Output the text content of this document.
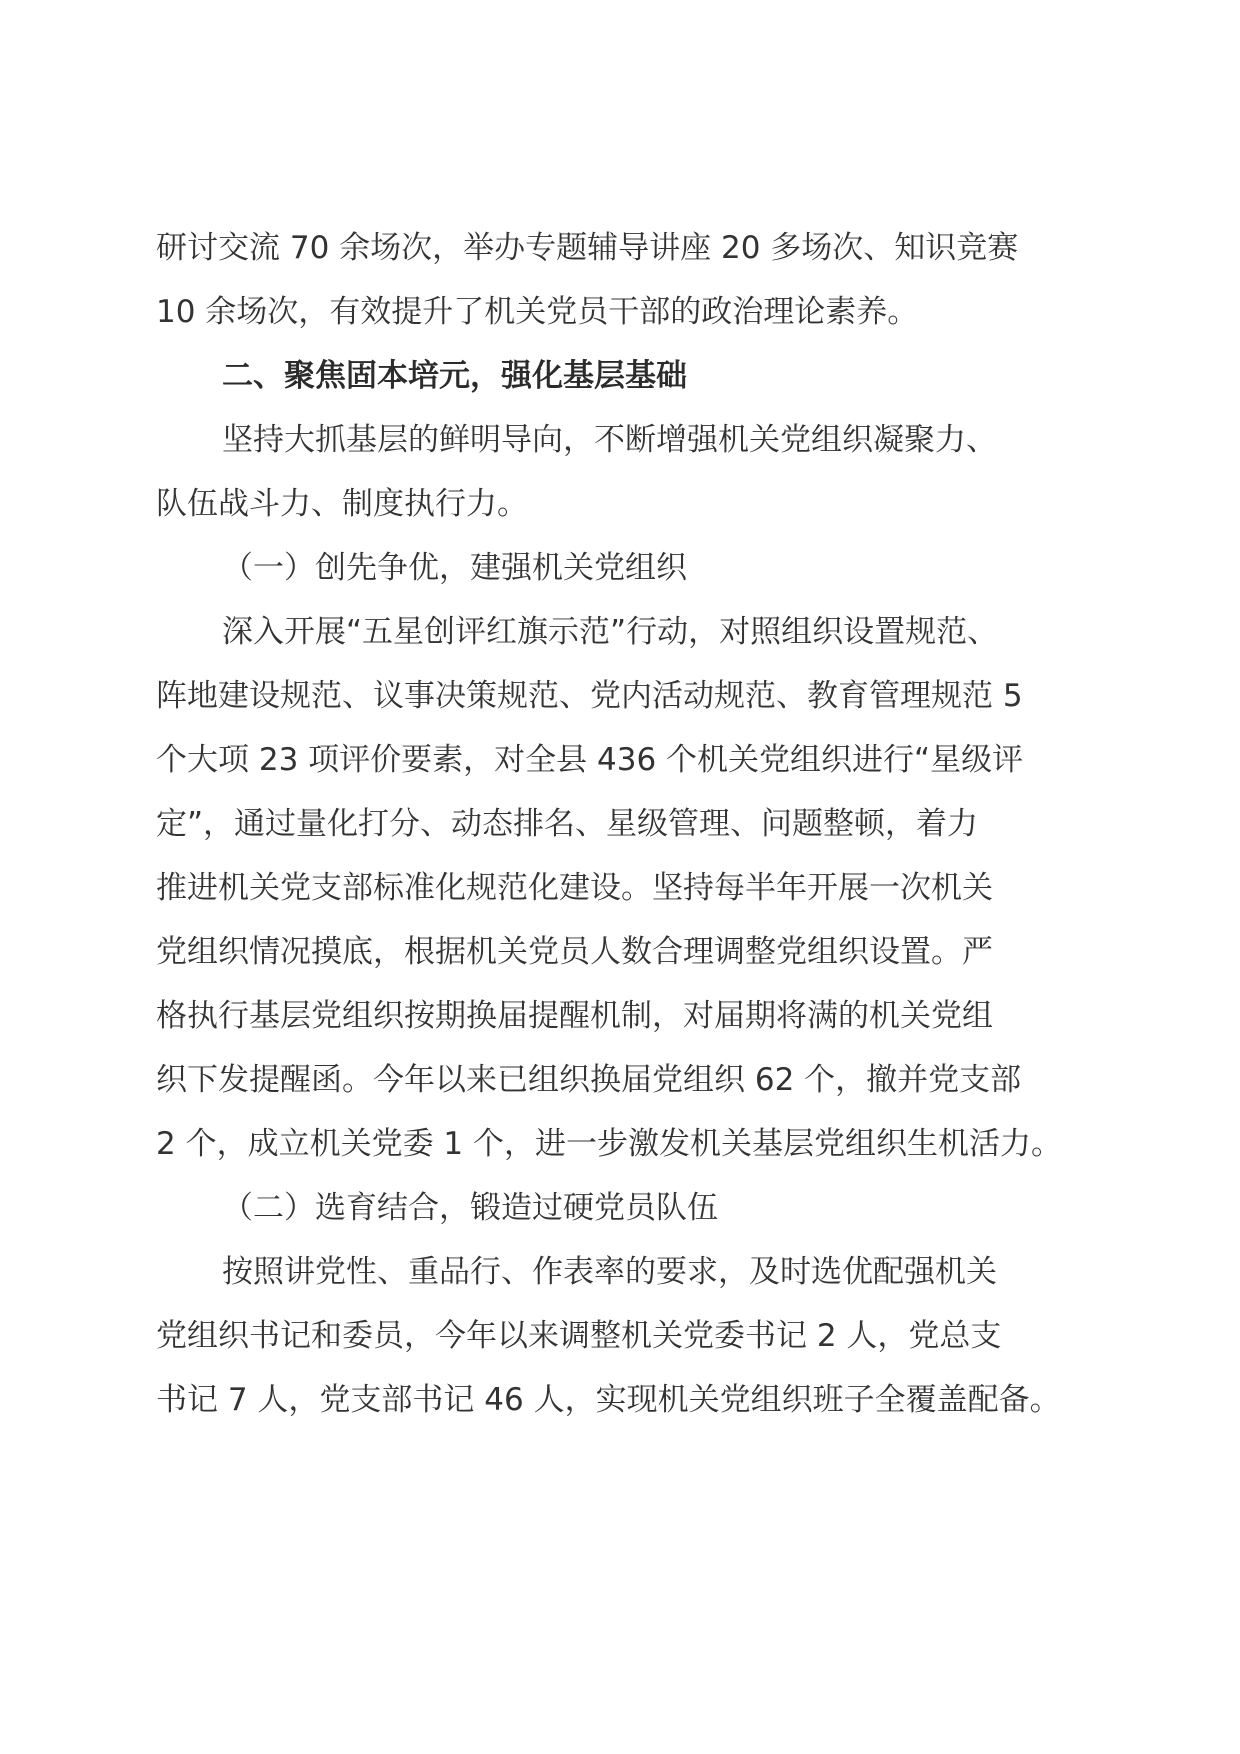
研讨交流 70 余场次，举办专题辅导讲座 20 多场次、知识竞赛
10 余场次，有效提升了机关党员干部的政治理论素养。
二、聚焦固本培元，强化基层基础
坚持大抓基层的鲜明导向，不断增强机关党组织凝聚力、
队伍战斗力、制度执行力。
（一）创先争优，建强机关党组织
深入开展“五星创评红旗示范”行动，对照组织设置规范、
阵地建设规范、议事决策规范、党内活动规范、教育管理规范 5
个大项 23 项评价要素，对全县 436 个机关党组织进行“星级评
定”，通过量化打分、动态排名、星级管理、问题整顿，着力
推进机关党支部标准化规范化建设。坚持每半年开展一次机关
党组织情况摸底，根据机关党员人数合理调整党组织设置。严
格执行基层党组织按期换届提醒机制，对届期将满的机关党组
织下发提醒函。今年以来已组织换届党组织 62 个，撤并党支部
2 个，成立机关党委 1 个，进一步激发机关基层党组织生机活力。
（二）选育结合，锻造过硬党员队伍
按照讲党性、重品行、作表率的要求，及时选优配强机关
党组织书记和委员，今年以来调整机关党委书记 2 人，党总支
书记 7 人，党支部书记 46 人，实现机关党组织班子全覆盖配备。
